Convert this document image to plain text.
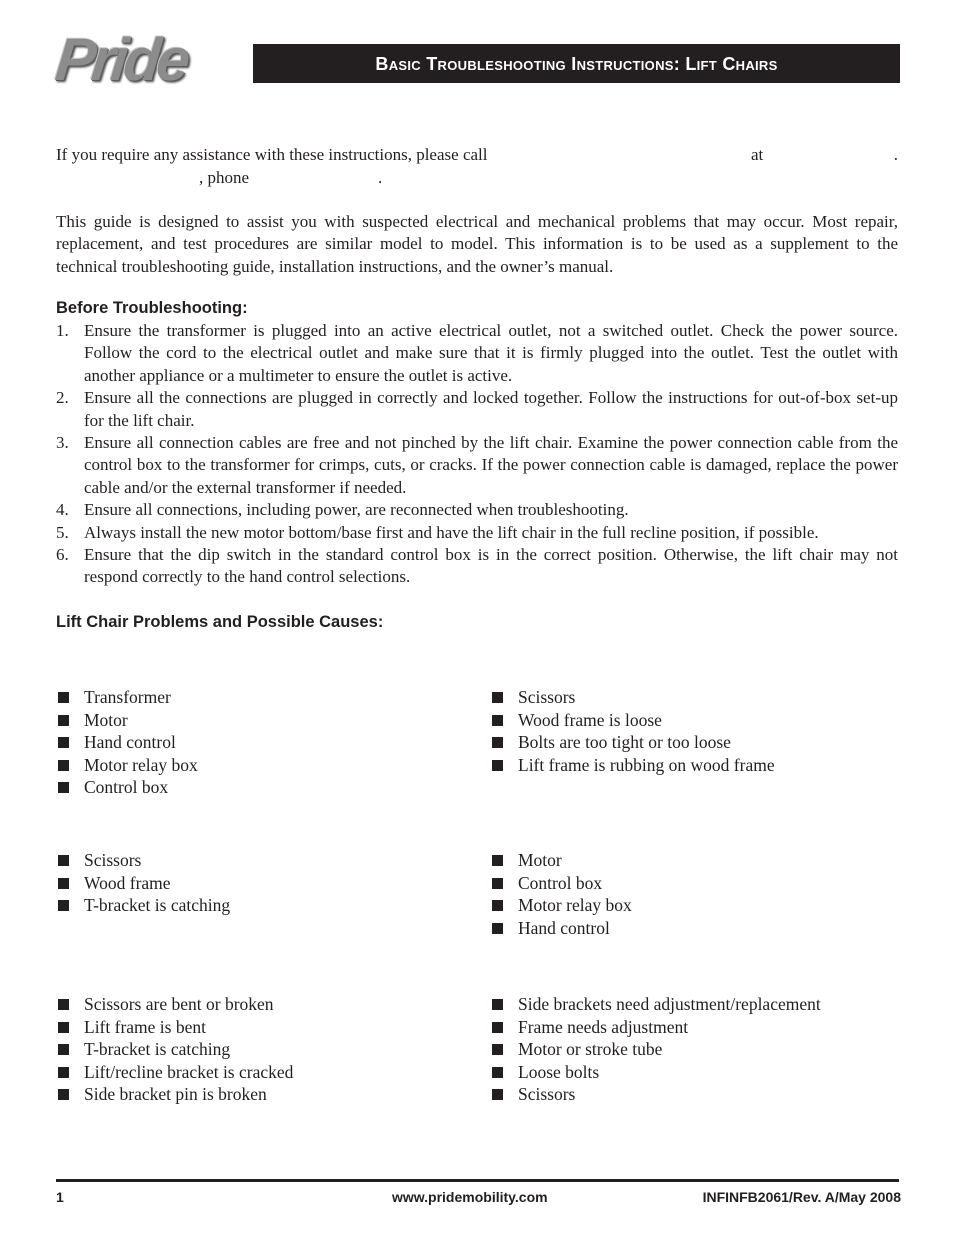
Pride	Basic Troubleshooting Instructions: Lift Chairs

If you require any assistance with these instructions, please call	at	.

, phone	.

This guide is designed to assist you with suspected electrical and mechanical problems that may occur. Most repair, replacement, and test procedures are similar model to model. This information is to be used as a supplement to the technical troubleshooting guide, installation instructions, and the owner’s manual.

Before Troubleshooting:
1. Ensure the transformer is plugged into an active electrical outlet, not a switched outlet. Check the power source. Follow the cord to the electrical outlet and make sure that it is firmly plugged into the outlet. Test the outlet with another appliance or a multimeter to ensure the outlet is active.
2. Ensure all the connections are plugged in correctly and locked together. Follow the instructions for out-of-box set-up for the lift chair.
3. Ensure all connection cables are free and not pinched by the lift chair. Examine the power connection cable from the control box to the transformer for crimps, cuts, or cracks. If the power connection cable is damaged, replace the power cable and/or the external transformer if needed.
4. Ensure all connections, including power, are reconnected when troubleshooting.
5. Always install the new motor bottom/base first and have the lift chair in the full recline position, if possible.
6. Ensure that the dip switch in the standard control box is in the correct position. Otherwise, the lift chair may not respond correctly to the hand control selections.
Lift Chair Problems and Possible Causes:
Transformer
Motor
Hand control
Motor relay box
Control box
Scissors
Wood frame is loose
Bolts are too tight or too loose
Lift frame is rubbing on wood frame
Scissors
Wood frame
T-bracket is catching
Motor
Control box
Motor relay box
Hand control
Scissors are bent or broken
Lift frame is bent
T-bracket is catching
Lift/recline bracket is cracked
Side bracket pin is broken
Side brackets need adjustment/replacement
Frame needs adjustment
Motor or stroke tube
Loose bolts
Scissors
1	www.pridemobility.com	INFINFB2061/Rev. A/May 2008
